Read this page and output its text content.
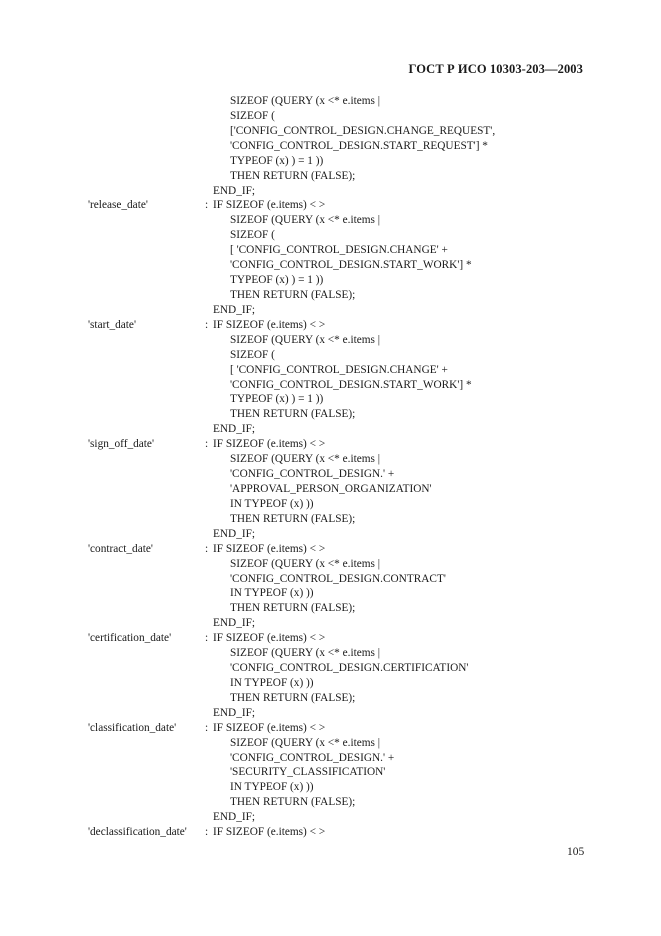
ГОСТ Р ИСО 10303-203—2003
SIZEOF (QUERY (x <* e.items |
SIZEOF (
['CONFIG_CONTROL_DESIGN.CHANGE_REQUEST',
'CONFIG_CONTROL_DESIGN.START_REQUEST'] *
TYPEOF (x) ) = 1 ))
THEN RETURN (FALSE);
END_IF;
'release_date'	: IF SIZEOF (e.items) < >
SIZEOF (QUERY (x <* e.items |
SIZEOF (
[ 'CONFIG_CONTROL_DESIGN.CHANGE' +
'CONFIG_CONTROL_DESIGN.START_WORK'] *
TYPEOF (x) ) = 1 ))
THEN RETURN (FALSE);
END_IF;
'start_date'	: IF SIZEOF (e.items) < >
SIZEOF (QUERY (x <* e.items |
SIZEOF (
[ 'CONFIG_CONTROL_DESIGN.CHANGE' +
'CONFIG_CONTROL_DESIGN.START_WORK'] *
TYPEOF (x) ) = 1 ))
THEN RETURN (FALSE);
END_IF;
'sign_off_date'	: IF SIZEOF (e.items) < >
SIZEOF (QUERY (x <* e.items |
'CONFIG_CONTROL_DESIGN.' +
'APPROVAL_PERSON_ORGANIZATION'
IN TYPEOF (x) ))
THEN RETURN (FALSE);
END_IF;
'contract_date'	: IF SIZEOF (e.items) < >
SIZEOF (QUERY (x <* e.items |
'CONFIG_CONTROL_DESIGN.CONTRACT'
IN TYPEOF (x) ))
THEN RETURN (FALSE);
END_IF;
'certification_date'	: IF SIZEOF (e.items) < >
SIZEOF (QUERY (x <* e.items |
'CONFIG_CONTROL_DESIGN.CERTIFICATION'
IN TYPEOF (x) ))
THEN RETURN (FALSE);
END_IF;
'classification_date'	: IF SIZEOF (e.items) < >
SIZEOF (QUERY (x <* e.items |
'CONFIG_CONTROL_DESIGN.' +
'SECURITY_CLASSIFICATION'
IN TYPEOF (x) ))
THEN RETURN (FALSE);
END_IF;
'declassification_date' : IF SIZEOF (e.items) < >
105
